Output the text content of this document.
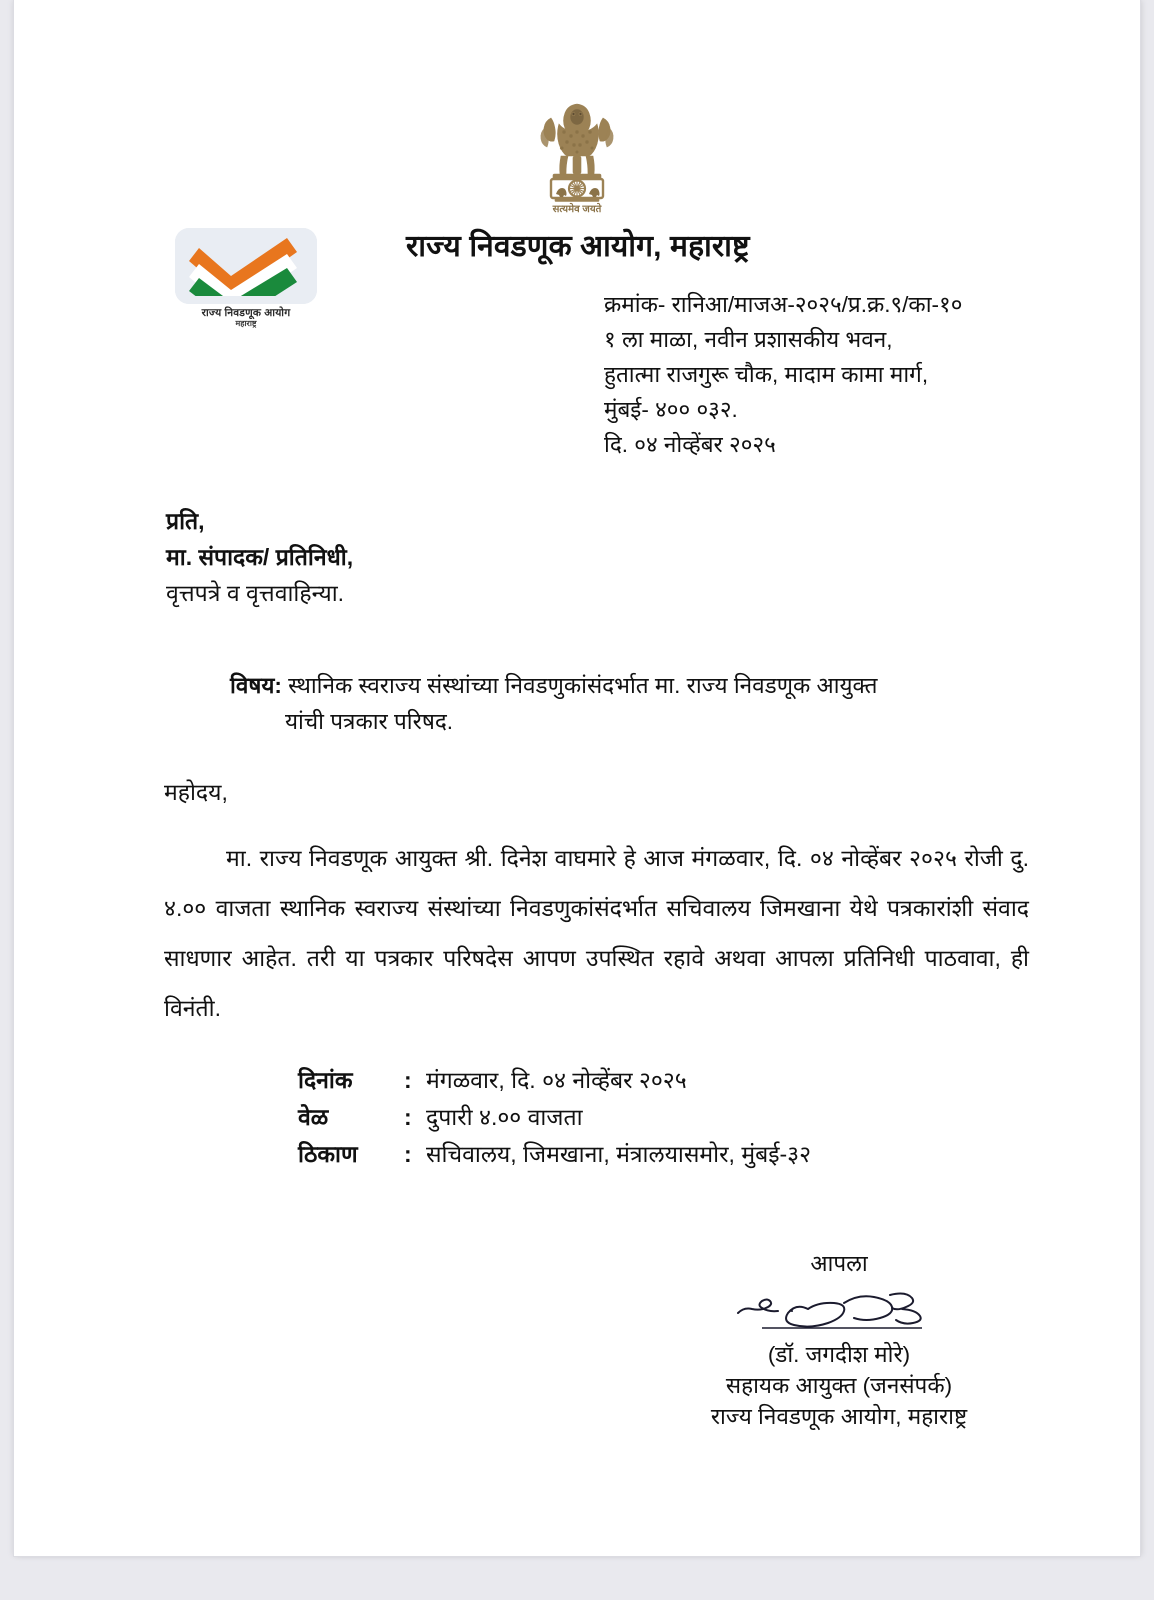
सत्यमेव जयते
राज्य निवडणूक आयोग
महाराष्ट्र
राज्य निवडणूक आयोग, महाराष्ट्र
क्रमांक- रानिआ/माजअ-२०२५/प्र.क्र.९/का-१०
१ ला माळा, नवीन प्रशासकीय भवन,
हुतात्मा राजगुरू चौक, मादाम कामा मार्ग,
मुंबई- ४०० ०३२.
दि. ०४ नोव्हेंबर २०२५
प्रति,
मा. संपादक/ प्रतिनिधी,
वृत्तपत्रे व वृत्तवाहिन्या.
विषय: स्थानिक स्वराज्य संस्थांच्या निवडणुकांसंदर्भात मा. राज्य निवडणूक आयुक्त
यांची पत्रकार परिषद.
महोदय,
मा. राज्य निवडणूक आयुक्त श्री. दिनेश वाघमारे हे आज मंगळवार, दि. ०४ नोव्हेंबर २०२५ रोजी दु. ४.०० वाजता स्थानिक स्वराज्य संस्थांच्या निवडणुकांसंदर्भात सचिवालय जिमखाना येथे पत्रकारांशी संवाद साधणार आहेत. तरी या पत्रकार परिषदेस आपण उपस्थित रहावे अथवा आपला प्रतिनिधी पाठवावा, ही विनंती.
दिनांक	: मंगळवार, दि. ०४ नोव्हेंबर २०२५
वेळ	: दुपारी ४.०० वाजता
ठिकाण	: सचिवालय, जिमखाना, मंत्रालयासमोर, मुंबई-३२
आपला
(डॉ. जगदीश मोरे)
सहायक आयुक्त (जनसंपर्क)
राज्य निवडणूक आयोग, महाराष्ट्र
